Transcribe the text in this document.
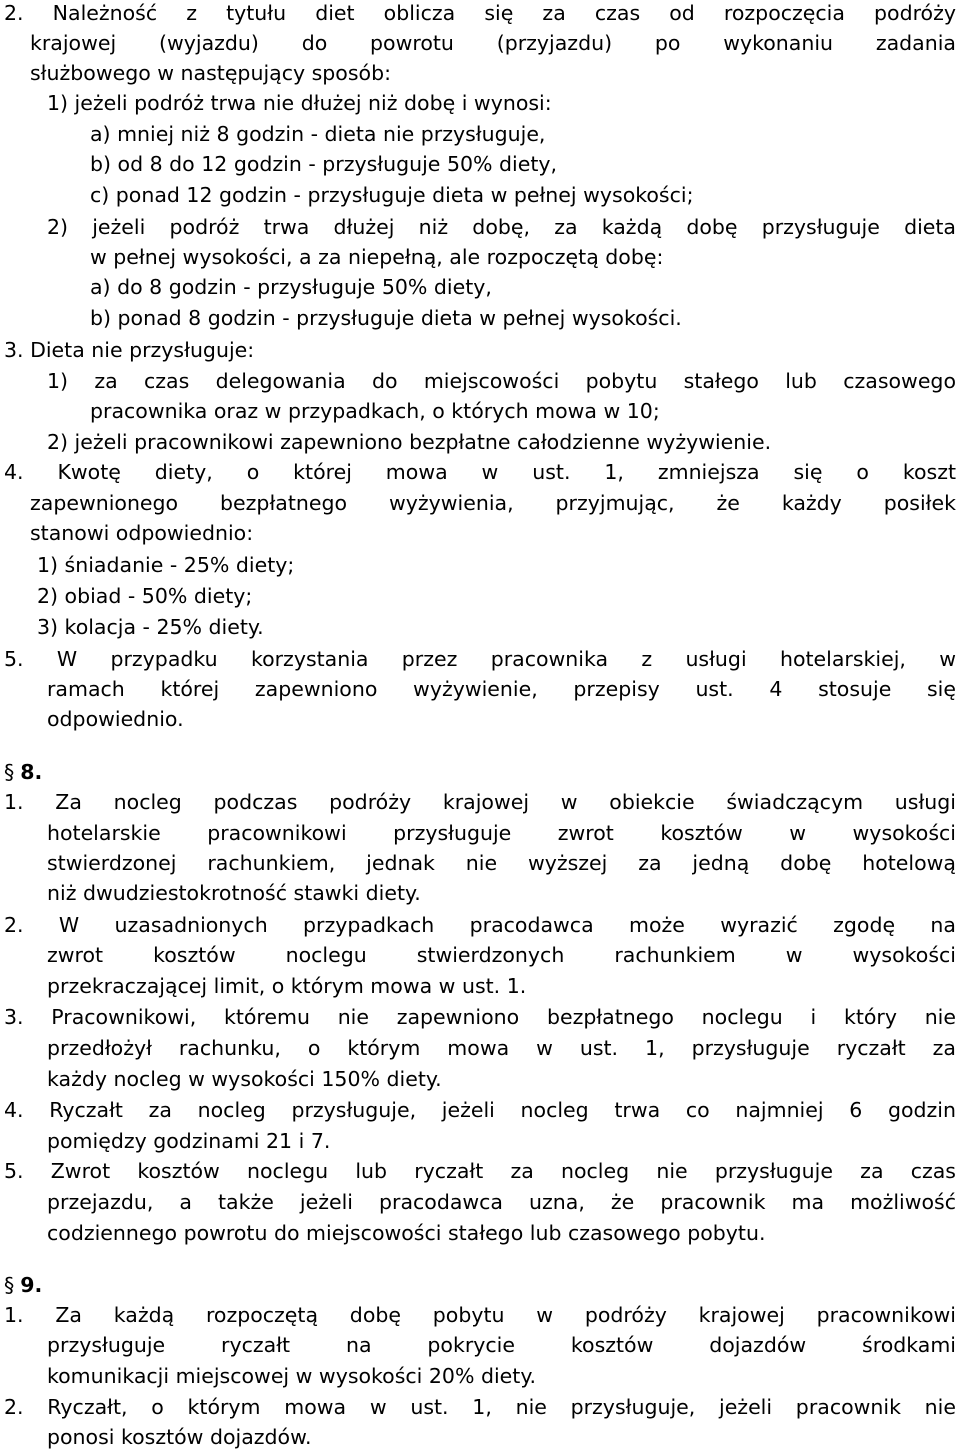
2. Należność z tytułu diet oblicza się za czas od rozpoczęcia podróży
krajowej (wyjazdu) do powrotu (przyjazdu) po wykonaniu zadania
służbowego w następujący sposób:
1) jeżeli podróż trwa nie dłużej niż dobę i wynosi:
a) mniej niż 8 godzin - dieta nie przysługuje,
b) od 8 do 12 godzin - przysługuje 50% diety,
c) ponad 12 godzin - przysługuje dieta w pełnej wysokości;
2) jeżeli podróż trwa dłużej niż dobę, za każdą dobę przysługuje dieta
w pełnej wysokości, a za niepełną, ale rozpoczętą dobę:
a) do 8 godzin - przysługuje 50% diety,
b) ponad 8 godzin - przysługuje dieta w pełnej wysokości.
3. Dieta nie przysługuje:
1) za czas delegowania do miejscowości pobytu stałego lub czasowego
pracownika oraz w przypadkach, o których mowa w 10;
2) jeżeli pracownikowi zapewniono bezpłatne całodzienne wyżywienie.
4. Kwotę diety, o której mowa w ust. 1, zmniejsza się o koszt
zapewnionego bezpłatnego wyżywienia, przyjmując, że każdy posiłek
stanowi odpowiednio:
1) śniadanie - 25% diety;
2) obiad - 50% diety;
3) kolacja - 25% diety.
5. W przypadku korzystania przez pracownika z usługi hotelarskiej, w
ramach której zapewniono wyżywienie, przepisy ust. 4 stosuje się
odpowiednio.
§ 8.
1. Za nocleg podczas podróży krajowej w obiekcie świadczącym usługi
hotelarskie pracownikowi przysługuje zwrot kosztów w wysokości
stwierdzonej rachunkiem, jednak nie wyższej za jedną dobę hotelową
niż dwudziestokrotność stawki diety.
2. W uzasadnionych przypadkach pracodawca może wyrazić zgodę na
zwrot kosztów noclegu stwierdzonych rachunkiem w wysokości
przekraczającej limit, o którym mowa w ust. 1.
3. Pracownikowi, któremu nie zapewniono bezpłatnego noclegu i który nie
przedłożył rachunku, o którym mowa w ust. 1, przysługuje ryczałt za
każdy nocleg w wysokości 150% diety.
4. Ryczałt za nocleg przysługuje, jeżeli nocleg trwa co najmniej 6 godzin
pomiędzy godzinami 21 i 7.
5. Zwrot kosztów noclegu lub ryczałt za nocleg nie przysługuje za czas
przejazdu, a także jeżeli pracodawca uzna, że pracownik ma możliwość
codziennego powrotu do miejscowości stałego lub czasowego pobytu.
§ 9.
1. Za każdą rozpoczętą dobę pobytu w podróży krajowej pracownikowi
przysługuje ryczałt na pokrycie kosztów dojazdów środkami
komunikacji miejscowej w wysokości 20% diety.
2. Ryczałt, o którym mowa w ust. 1, nie przysługuje, jeżeli pracownik nie
ponosi kosztów dojazdów.
